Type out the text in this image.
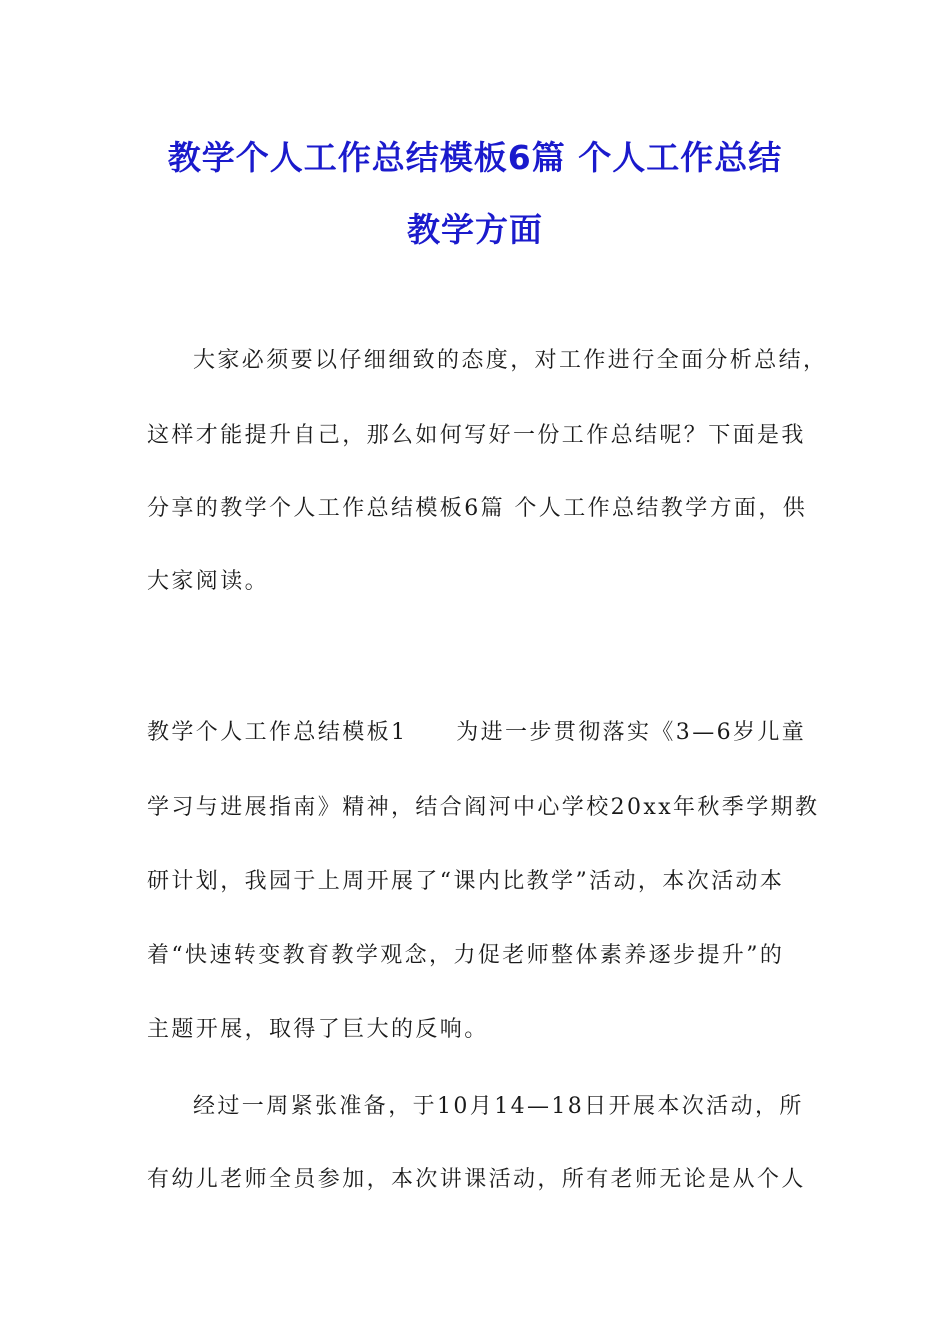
教学个人工作总结模板6篇 个人工作总结
教学方面

大家必须要以仔细细致的态度，对工作进行全面分析总结，

这样才能提升自己，那么如何写好一份工作总结呢？下面是我

分享的教学个人工作总结模板6篇 个人工作总结教学方面，供

大家阅读。

教学个人工作总结模板1　　为进一步贯彻落实《3—6岁儿童

学习与进展指南》精神，结合阎河中心学校20xx年秋季学期教

研计划，我园于上周开展了“课内比教学”活动，本次活动本

着“快速转变教育教学观念，力促老师整体素养逐步提升”的

主题开展，取得了巨大的反响。

经过一周紧张准备，于10月14—18日开展本次活动，所

有幼儿老师全员参加，本次讲课活动，所有老师无论是从个人
